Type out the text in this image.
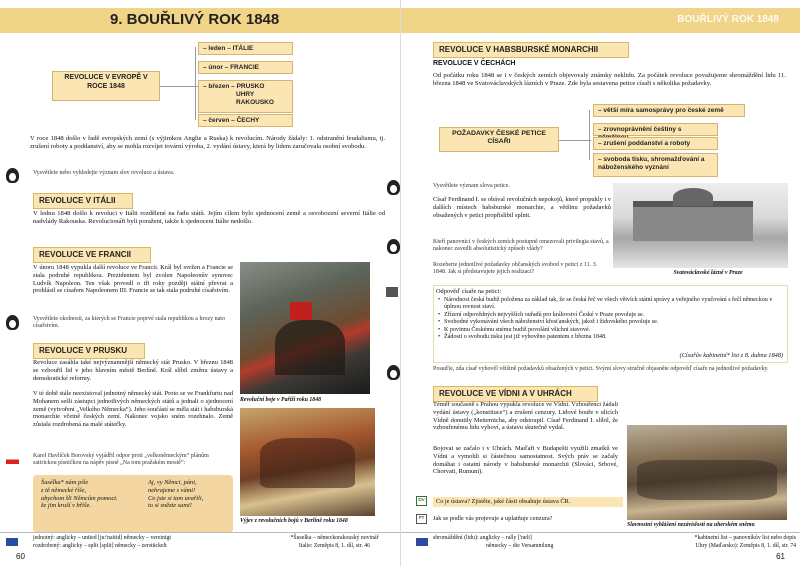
9. BOUŘLIVÝ ROK 1848
REVOLUCE V EVROPĚ V ROCE 1848
– leden – ITÁLIE
– únor – FRANCIE
– březen – PRUSKO
UHRY
RAKOUSKO
– červen – ČECHY
V roce 1848 došlo v řadě evropských zemí (s výjimkou Anglie a Ruska) k revolucím. Národy žádaly: 1. odstranění feudalismu, tj. zrušení roboty a poddanství, aby se mohla rozvíjet tovární výroba, 2. vydání ústavy, která by lidem zaručovala osobní svobodu.
Vysvětlete nebo vyhledejte význam slov revoluce a ústava.
REVOLUCE V ITÁLII
V lednu 1848 došlo k revoluci v Itálii rozdělené na řadu států. Jejím cílem bylo sjednocení země a osvobození severní Itálie od nadvlády Rakouska. Revolucionáři byli poraženi, takže k sjednocení Itálie nedošlo.
REVOLUCE VE FRANCII
V únoru 1848 vypukla další revoluce ve Francii. Král byl svržen a Francie se stala podruhé republikou. Prezidentem byl zvolen Napoleonův synovec Ludvík Napoleon. Ten však provedl o tři roky později státní převrat a prohlásil se císařem Napoleonem III. Francie se tak stala podruhé císařstvím.
Vysvětlete okolnosti, za kterých se Francie poprvé stala republikou a hrozy nato císařstvím.
Revoluční boje v Paříži roku 1848
REVOLUCE V PRUSKU
Revoluce zasáhla také nejvýznamnější německý stát Prusko. V březnu 1848 se vzbouřil lid v jeho hlavním městě Berlíně. Král slíbil změnu ústavy a demokratické reformy.
V té době stále neexistoval jednotný německý stát. Proto se ve Frankfurtu nad Mohanem sešli zástupci jednotlivých německých států a jednali o sjednocení země (vytvoření „Velkého Německa“). Jeho součástí se měla stát i habsburská monarchie včetně českých zemí. Nakonec vojsko sném rozehnalo. Země zůstala rozdrobená na malé státečky.
Karel Havlíček Borovský vyjádřil odpor proti „velkoněmeckým“ plánům satirickou písničkou na nápěv písně „Na tom pražském mostě“:
Šusélka* nám píše
z tě německé říše,
abychom šli Němcům pomoct.
že jim kruší v bříše.
Aj, vy Němci, páni,
nehrajeme s vámi!
Co jste si tam uvařili,
to si snězte sami!
Výjev z revolučních bojů v Berlíně roku 1848
jednotný: anglicky – united [ju:'naitid] německy – vereinigt
rozdrobený: anglicky – split [split] německy – zerstückelt
*Šuselka – německorakouský novinář
Italie: Zeměpis 8, 1. díl, str. 46
60
BOUŘLIVÝ ROK 1848
REVOLUCE V HABSBURSKÉ MONARCHII
REVOLUCE V ČECHÁCH
Od počátku roku 1848 se i v českých zemích objevovaly známky neklidu. Za počátek revoluce považujeme shromáždění lidu 11. března 1848 ve Svatováclavských lázních v Praze. Zde byla sestavena petice císaři s několika požadavky.
POŽADAVKY ČESKÉ PETICE CÍSAŘI
– větší míra samosprávy pro české země
– zrovnoprávnění češtiny s
– zrušení poddanství a roboty
– svoboda tisku, shromažďování a náboženského vyznání
Vysvětlete význam slova petice.
Císař Ferdinand I. se obával revolučních nepokojů, které propukly i v dalších místech habsburské monarchie, a většinu požadavků obsažených v petici propříslibil splnit.
Kteří panovníci v českých zemích postupně omezovali privilegia stavů, a nakonec zavedli absolutistický způsob vlády?
Rozeberte jednotlivé požadavky občanských svobod v petici z 11. 3. 1848. Jak si představujete jejich realizaci?	Svatováclavské lázně v Praze
Odpověď císaře na petici:
• Národnost česká budiž položena za základ tak, že se česká řeč ve všech větvích státní správy a veřejného vyučování s řečí německou v úplnou rovnost staví.
• Zřízení odpovědných nejvyšších ouřadů pro království České v Praze povoluje se.
• Svobodné vykonávání všech náboženství křesťanských, jakož i židovského povoluje se.
• K povinnu Českému snému budiž povolání všichni stavové.
• Žádosti o svobodu tisku jest již vyhověno patentem z března 1848.
(Císařův kabinetní* list z 8. dubna 1848)
Posuďte, zda císař vyhověl většině požadavků obsažených v petici. Svými slovy stručně objasněte odpověď císaře na jednotlivé požadavky.
REVOLUCE VE VÍDNI A V UHRÁCH
Téměř současně s Prahou vypukla revoluce ve Vídni. Vzbouřenci žádali vydání ústavy („konstituce“) a zrušení cenzury. Lidové bouře v ulicích Vídně donutily Metternicha, aby odstoupil. Císař Ferdinand I. slíbil, že vzbouřenému lidu vyhoví, a ústavu skutečně vydal.
Bojovat se začalo i v Uhrách. Maďaři v Budapešti využili zmatků ve Vídni a vymohli si částečnou samostatnost. Svých práv se začaly domáhat i ostatní národy v habsburské monarchii (Slováci, Srbové, Chorvati, Rumuni).
Slavnostní vyhlášení nezávislosti na uherském sněmu
DV	Co je ústava? Zjistěte, jaké části obsahuje ústava ČR.
PT	Jak se podle vás projevuje a uplatňuje cenzura?
shromáždění (lidu): anglicky – rally ['ræli]
německy – die Versammlung
*kabinetní list – panovníkův list nebo dopis
Uhry (Maďarsko): Zeměpis 8, 1. díl, str. 74
61
